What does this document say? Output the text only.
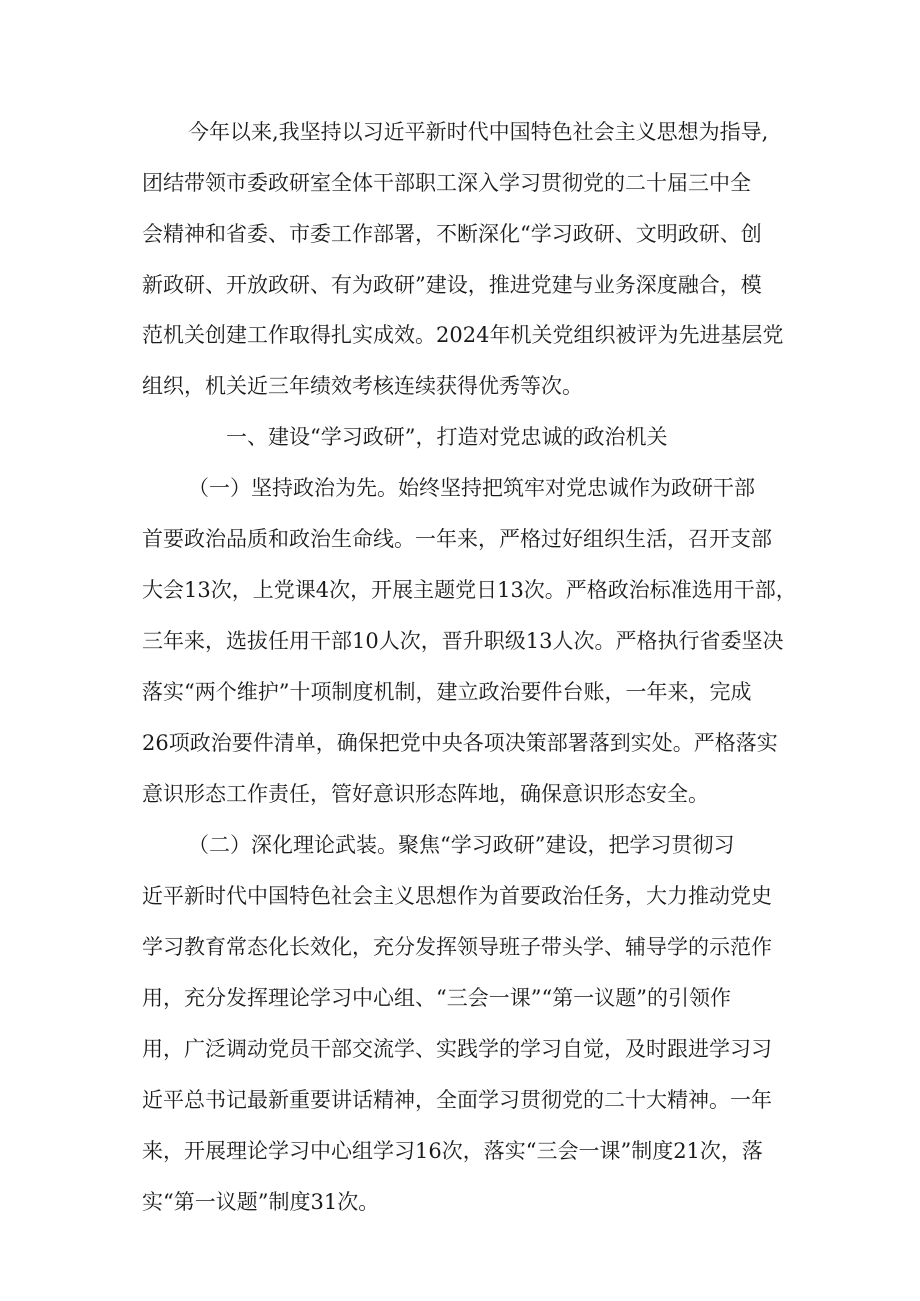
今年以来,我坚持以习近平新时代中国特色社会主义思想为指导,

团结带领市委政研室全体干部职工深入学习贯彻党的二十届三中全

会精神和省委、市委工作部署，不断深化“学习政研、文明政研、创

新政研、开放政研、有为政研”建设，推进党建与业务深度融合，模

范机关创建工作取得扎实成效。2024年机关党组织被评为先进基层党

组织，机关近三年绩效考核连续获得优秀等次。

一、建设“学习政研”，打造对党忠诚的政治机关

（一）坚持政治为先。始终坚持把筑牢对党忠诚作为政研干部

首要政治品质和政治生命线。一年来，严格过好组织生活，召开支部

大会13次，上党课4次，开展主题党日13次。严格政治标准选用干部，

三年来，选拔任用干部10人次，晋升职级13人次。严格执行省委坚决

落实“两个维护”十项制度机制，建立政治要件台账，一年来，完成

26项政治要件清单，确保把党中央各项决策部署落到实处。严格落实

意识形态工作责任，管好意识形态阵地，确保意识形态安全。

（二）深化理论武装。聚焦“学习政研”建设，把学习贯彻习

近平新时代中国特色社会主义思想作为首要政治任务，大力推动党史

学习教育常态化长效化，充分发挥领导班子带头学、辅导学的示范作

用，充分发挥理论学习中心组、“三会一课”“第一议题”的引领作

用，广泛调动党员干部交流学、实践学的学习自觉，及时跟进学习习

近平总书记最新重要讲话精神，全面学习贯彻党的二十大精神。一年

来，开展理论学习中心组学习16次，落实“三会一课”制度21次，落

实“第一议题”制度31次。
